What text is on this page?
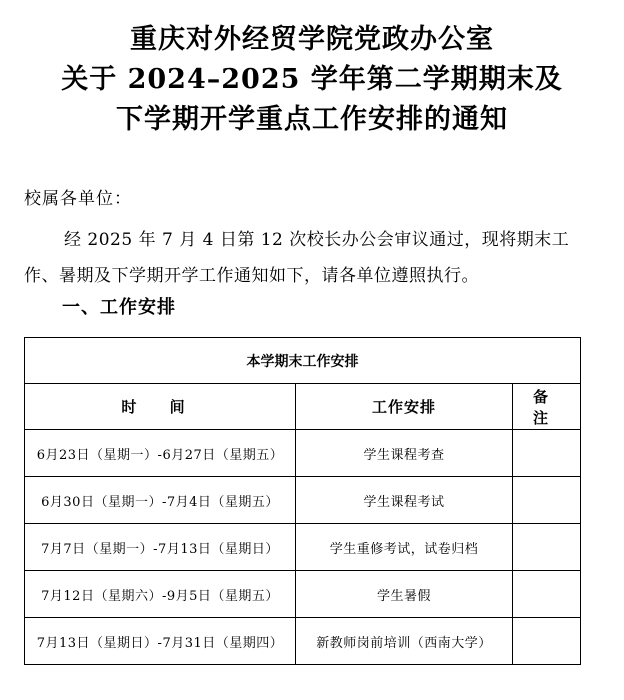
重庆对外经贸学院党政办公室
关于 2024–2025 学年第二学期期末及
下学期开学重点工作安排的通知
校属各单位：
经 2025 年 7 月 4 日第 12 次校长办公会审议通过，现将期末工作、暑期及下学期开学工作通知如下，请各单位遵照执行。
一、工作安排
本学期末工作安排		
时 间	工作安排	备 注
6月23日（星期一）-6月27日（星期五）	学生课程考查	
6月30日（星期一）-7月4日（星期五）	学生课程考试	
7月7日（星期一）-7月13日（星期日）	学生重修考试，试卷归档	
7月12日（星期六）-9月5日（星期五）	学生暑假	
7月13日（星期日）-7月31日（星期四）	新教师岗前培训（西南大学）	
